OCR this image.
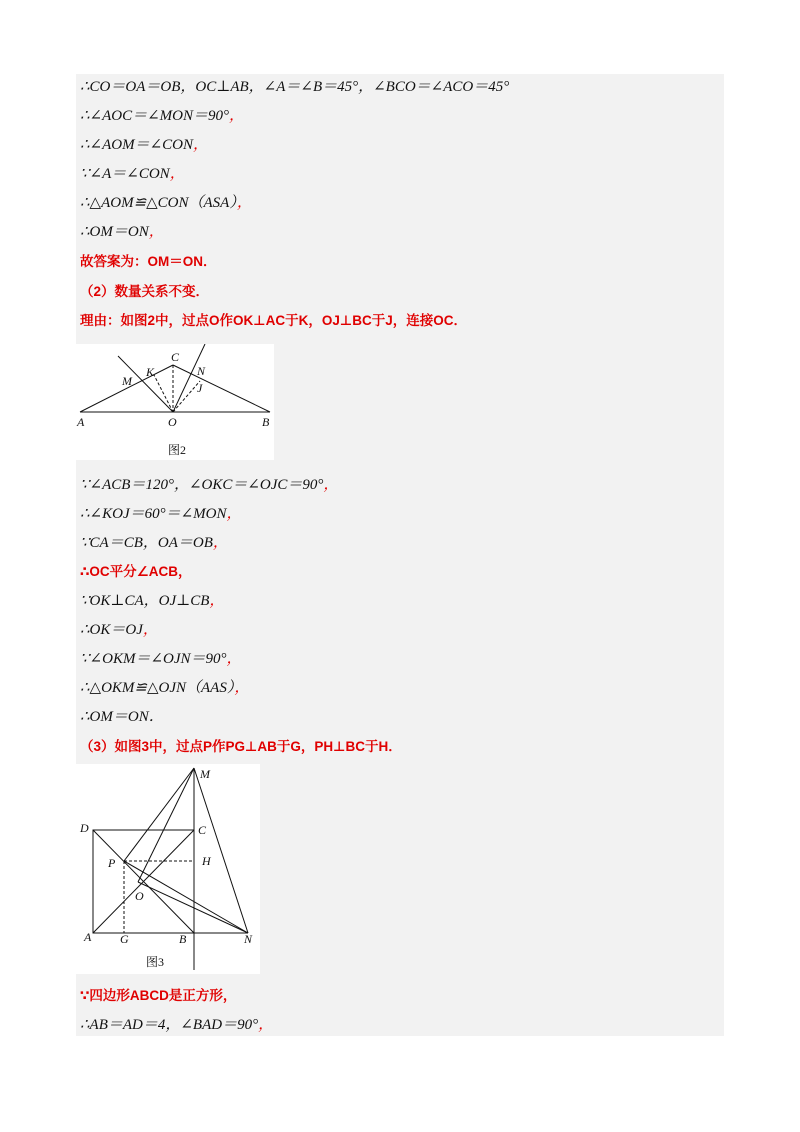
∴CO＝OA＝OB，OC⊥AB，∠A＝∠B＝45°，∠BCO＝∠ACO＝45°
∴∠AOC＝∠MON＝90°，
∴∠AOM＝∠CON，
∵∠A＝∠CON，
∴△AOM≌△CON（ASA），
∴OM＝ON，
故答案为：OM＝ON．
（2）数量关系不变．
理由：如图2中，过点O作OK⊥AC于K，OJ⊥BC于J，连接OC．
C
M
K	N
J
A	O	B
图2
∵∠ACB＝120°，∠OKC＝∠OJC＝90°，
∴∠KOJ＝60°＝∠MON，
∵CA＝CB，OA＝OB，
∴OC平分∠ACB，
∵OK⊥CA，OJ⊥CB，
∴OK＝OJ，
∵∠OKM＝∠OJN＝90°，
∴△OKM≌△OJN（AAS），
∴OM＝ON．
（3）如图3中，过点P作PG⊥AB于G，PH⊥BC于H．
M
D	C
P	H
O
A G	B	N
图3
∵四边形ABCD是正方形，
∴AB＝AD＝4，∠BAD＝90°，
